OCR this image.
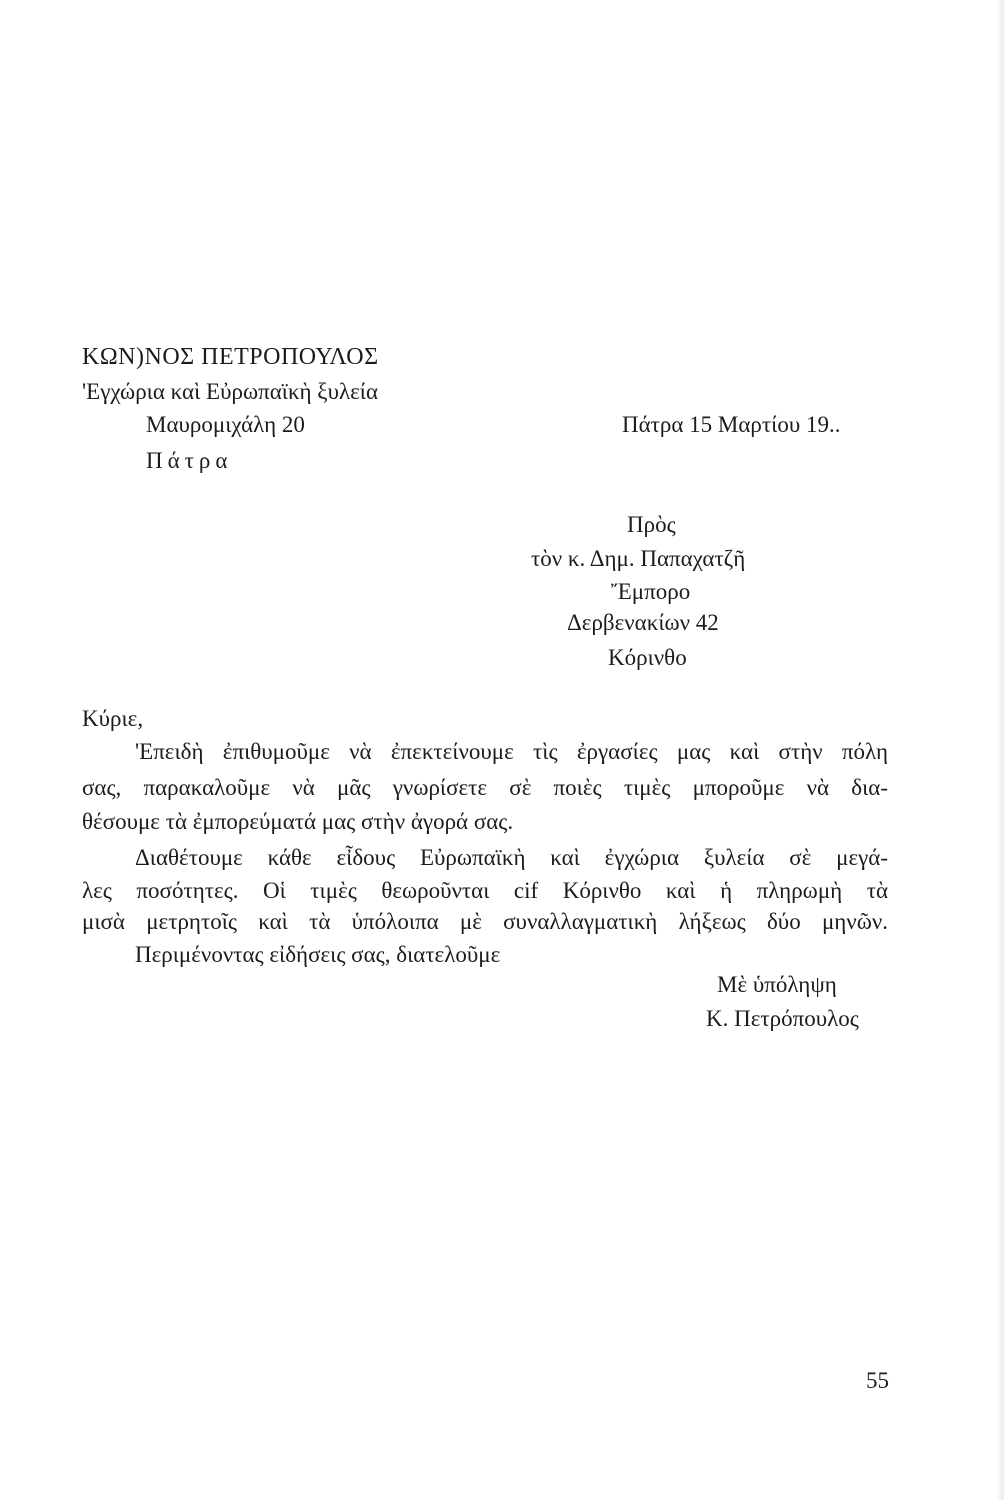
ΚΩΝ)ΝΟΣ ΠΕΤΡΟΠΟΥΛΟΣ

'Εγχώρια καὶ Εὐρωπαϊκὴ ξυλεία

Μαυρομιχάλη 20

Πάτρα

Πάτρα 15 Μαρτίου 19..

Πρὸς

τὸν κ. Δημ. Παπαχατζῆ

Ἔμπορο

Δερβενακίων 42

Κόρινθο

Κύριε,

'Επειδὴ ἐπιθυμοῦμε νὰ ἐπεκτείνουμε τὶς ἐργασίες μας καὶ στὴν πόλη

σας, παρακαλοῦμε νὰ μᾶς γνωρίσετε σὲ ποιὲς τιμὲς μποροῦμε νὰ δια-

θέσουμε τὰ ἐμπορεύματά μας στὴν ἀγορά σας.

Διαθέτουμε κάθε εἶδους Εὐρωπαϊκὴ καὶ ἐγχώρια ξυλεία σὲ μεγά-

λες ποσότητες. Οἱ τιμὲς θεωροῦνται cif Κόρινθο καὶ ἡ πληρωμὴ τὰ

μισὰ μετρητοῖς καὶ τὰ ὑπόλοιπα μὲ συναλλαγματικὴ λήξεως δύο μηνῶν.

Περιμένοντας εἰδήσεις σας, διατελοῦμε

Μὲ ὑπόληψη

Κ. Πετρόπουλος

55
